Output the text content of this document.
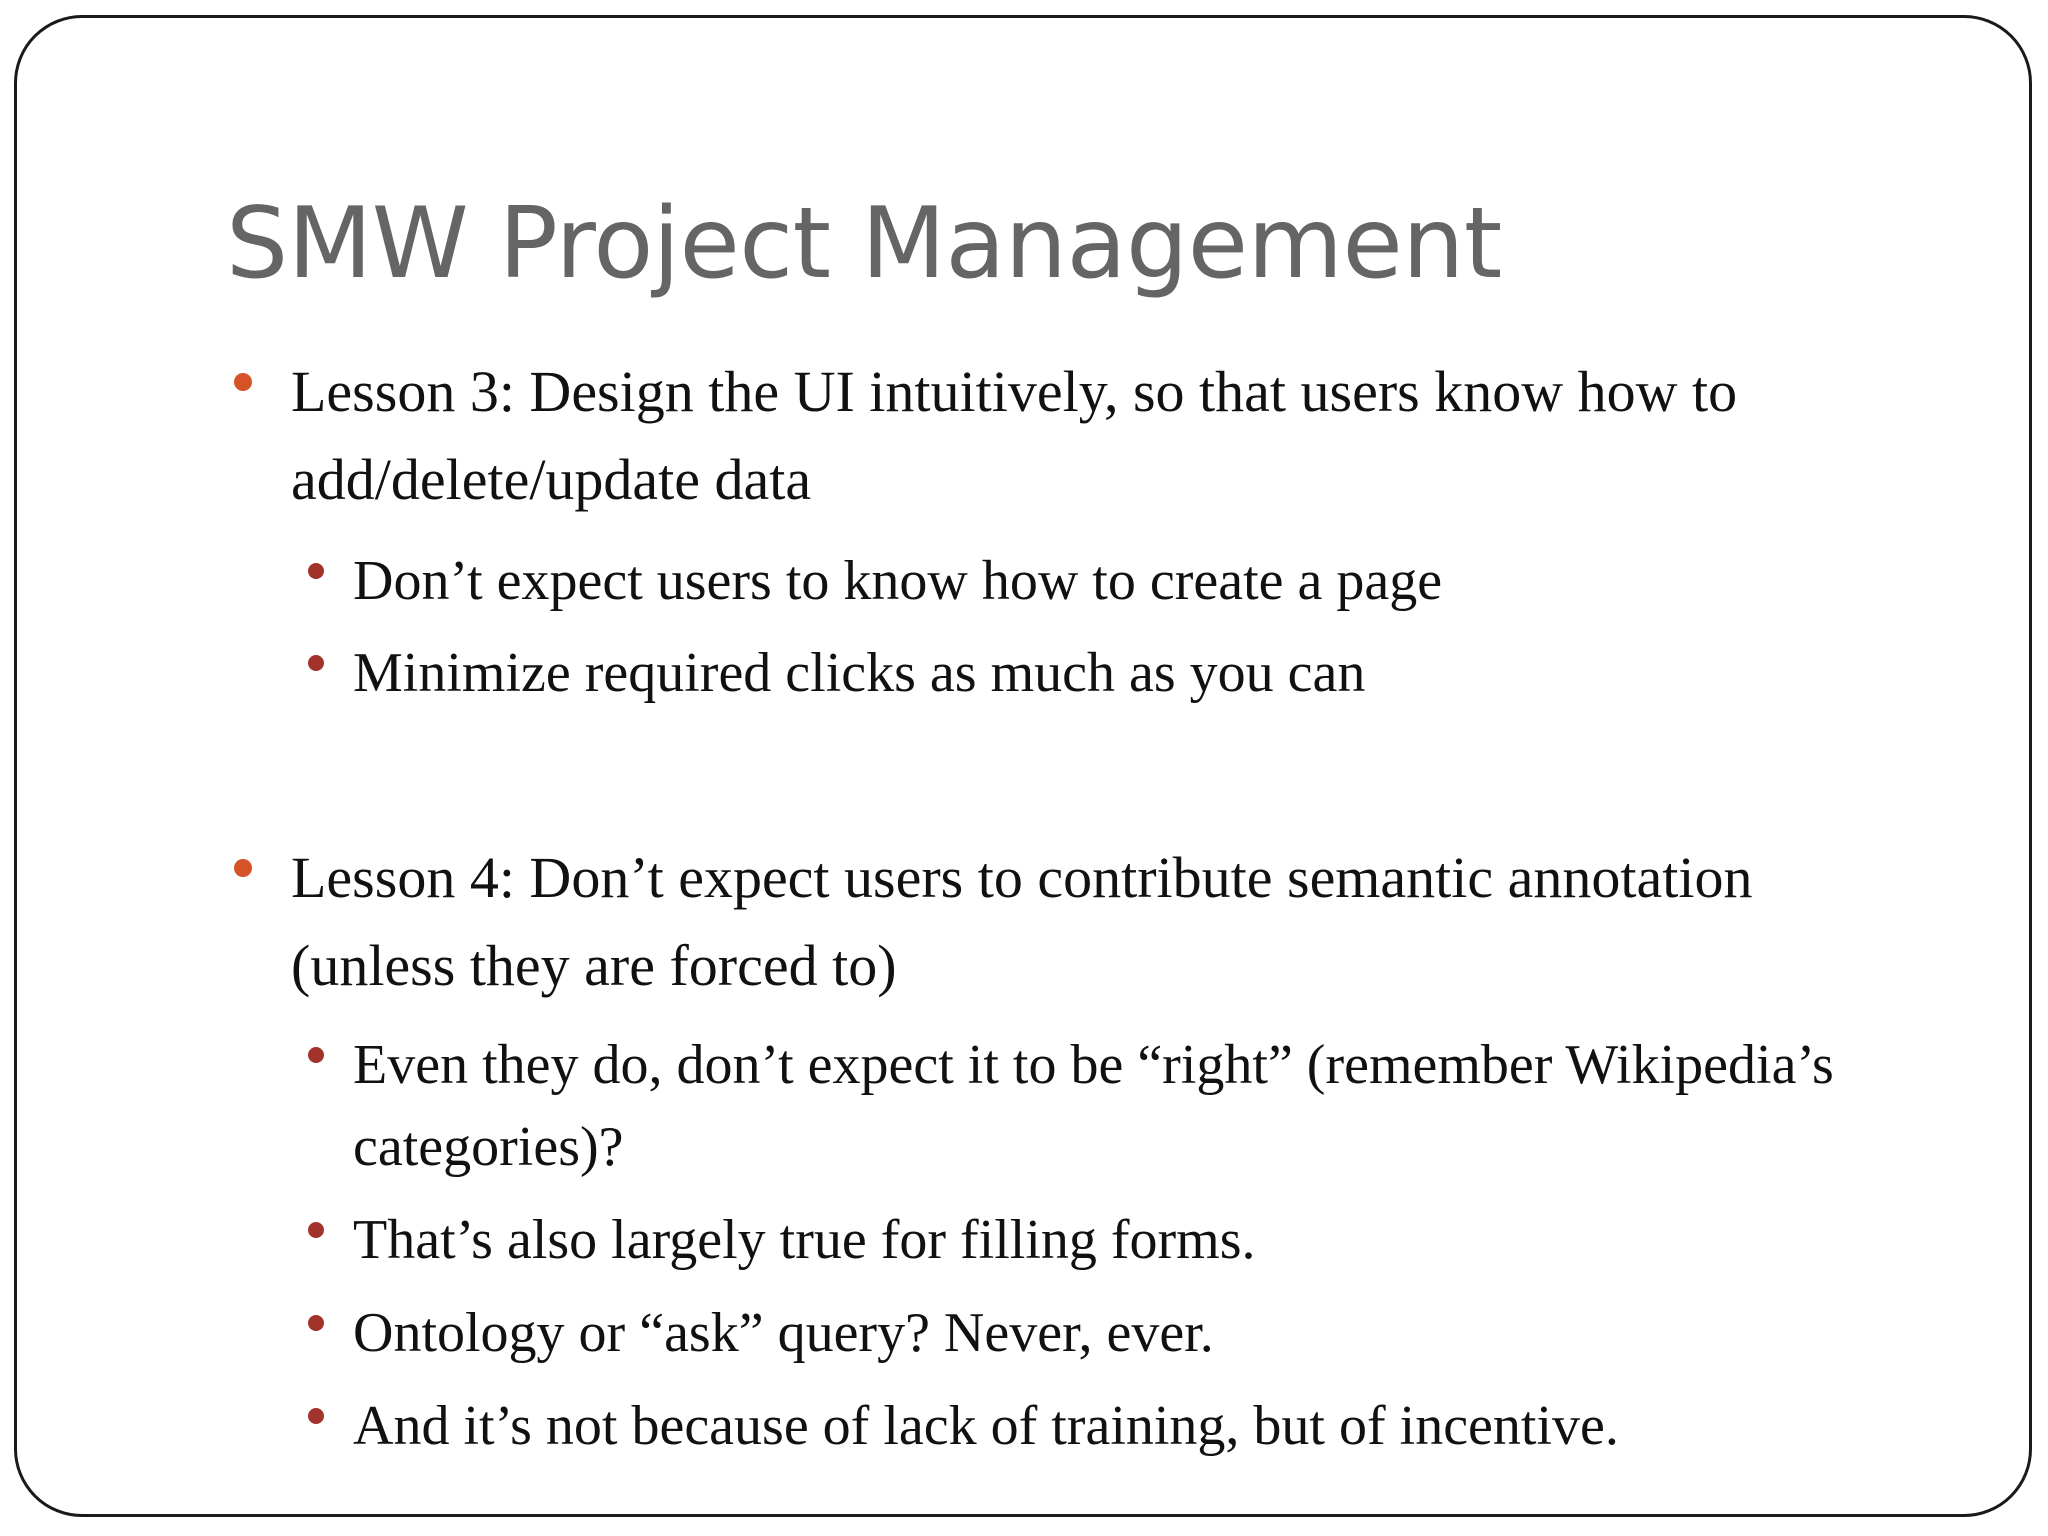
SMW Project Management

Lesson 3: Design the UI intuitively, so that users know how to add/delete/update data

Don’t expect users to know how to create a page

Minimize required clicks as much as you can

Lesson 4: Don’t expect users to contribute semantic annotation (unless they are forced to)

Even they do, don’t expect it to be “right” (remember Wikipedia’s categories)?

That’s also largely true for filling forms.

Ontology or “ask” query? Never, ever.

And it’s not because of lack of training, but of incentive.
